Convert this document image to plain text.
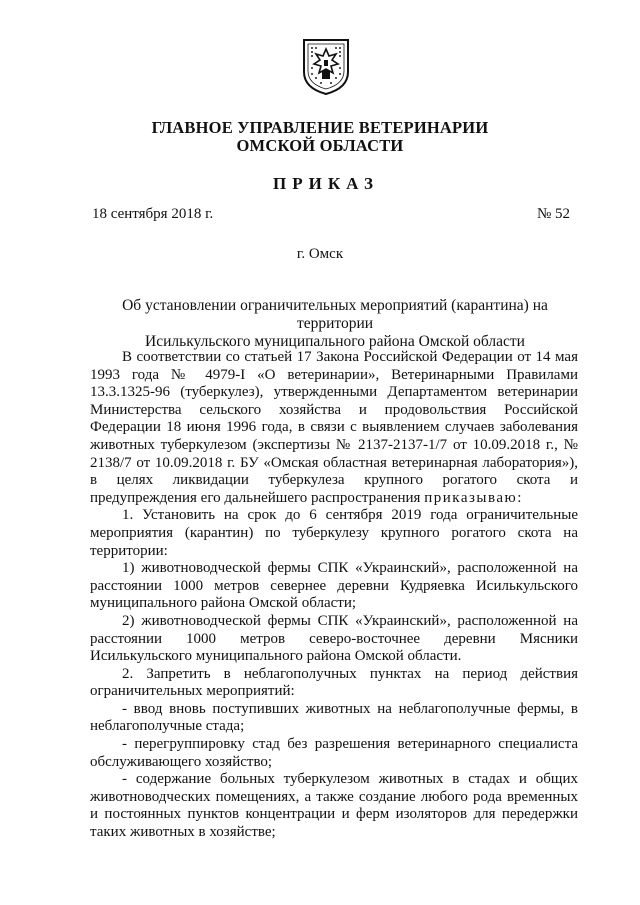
ГЛАВНОЕ УПРАВЛЕНИЕ ВЕТЕРИНАРИИ
ОМСКОЙ ОБЛАСТИ
ПРИКАЗ
18 сентября 2018 г.	№ 52
г. Омск
Об установлении ограничительных мероприятий (карантина) на территории
Исилькульского муниципального района Омской области

В соответствии со статьей 17 Закона Российской Федерации от 14 мая 1993 года № 4979-I «О ветеринарии», Ветеринарными Правилами 13.3.1325-96 (туберкулез), утвержденными Департаментом ветеринарии Министерства сельского хозяйства и продовольствия Российской Федерации 18 июня 1996 года, в связи с выявлением случаев заболевания животных туберкулезом (экспертизы № 2137-2137-1/7 от 10.09.2018 г., № 2138/7 от 10.09.2018 г. БУ «Омская областная ветеринарная лаборатория»), в целях ликвидации туберкулеза крупного рогатого скота и предупреждения его дальнейшего распространения приказываю:

1. Установить на срок до 6 сентября 2019 года ограничительные мероприятия (карантин) по туберкулезу крупного рогатого скота на территории:

1) животноводческой фермы СПК «Украинский», расположенной на расстоянии 1000 метров севернее деревни Кудряевка Исилькульского муниципального района Омской области;

2) животноводческой фермы СПК «Украинский», расположенной на расстоянии 1000 метров северо-восточнее деревни Мясники Исилькульского муниципального района Омской области.

2. Запретить в неблагополучных пунктах на период действия ограничительных мероприятий:

- ввод вновь поступивших животных на неблагополучные фермы, в неблагополучные стада;

- перегруппировку стад без разрешения ветеринарного специалиста обслуживающего хозяйство;

- содержание больных туберкулезом животных в стадах и общих животноводческих помещениях, а также создание любого рода временных и постоянных пунктов концентрации и ферм изоляторов для передержки таких животных в хозяйстве;
